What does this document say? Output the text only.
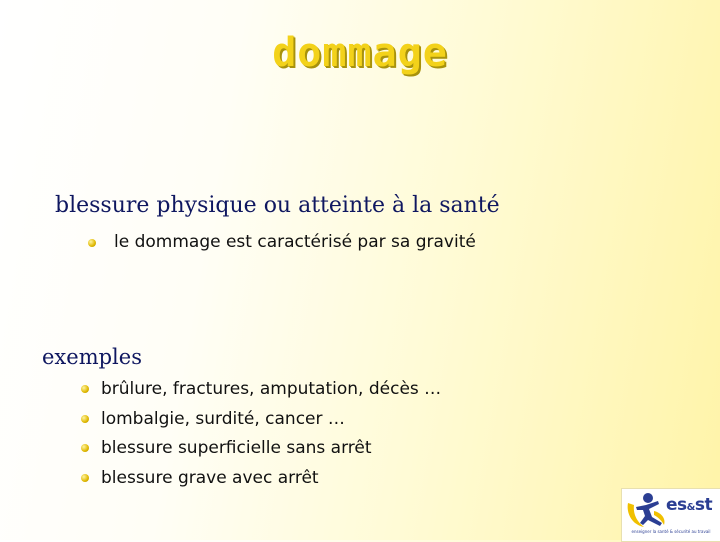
dommage
blessure physique ou atteinte à la santé
le dommage est caractérisé par sa gravité
exemples
brûlure, fractures, amputation, décès …
lombalgie, surdité, cancer …
blessure superficielle sans arrêt
blessure grave avec arrêt
es&st
enseigner la santé & sécurité au travail
